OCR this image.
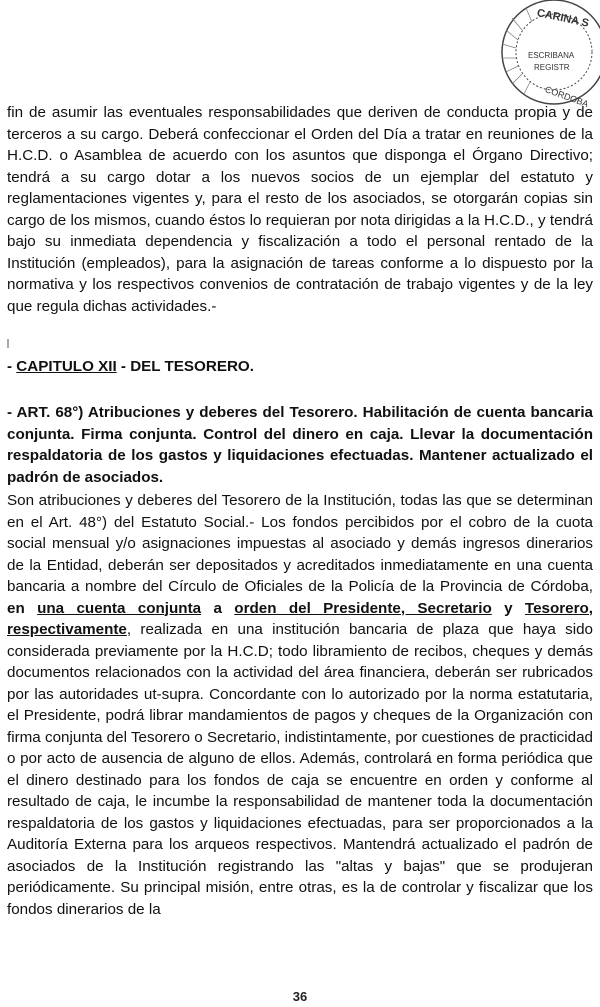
CARINA S
ESCRIBANA
REGISTR
CÓRDOBA

fin de asumir las eventuales responsabilidades que deriven de conducta propia y de terceros a su cargo. Deberá confeccionar el Orden del Día a tratar en reuniones de la H.C.D. o Asamblea de acuerdo con los asuntos que disponga el Órgano Directivo; tendrá a su cargo dotar a los nuevos socios de un ejemplar del estatuto y reglamentaciones vigentes y, para el resto de los asociados, se otorgarán copias sin cargo de los mismos, cuando éstos lo requieran por nota dirigidas a la H.C.D., y tendrá bajo su inmediata dependencia y fiscalización a todo el personal rentado de la Institución (empleados), para la asignación de tareas conforme a lo dispuesto por la normativa y los respectivos convenios de contratación de trabajo vigentes y de la ley que regula dichas actividades.-

- CAPITULO XII - DEL TESORERO.

- ART. 68°) Atribuciones y deberes del Tesorero. Habilitación de cuenta bancaria conjunta. Firma conjunta. Control del dinero en caja. Llevar la documentación respaldatoria de los gastos y liquidaciones efectuadas. Mantener actualizado el padrón de asociados.

Son atribuciones y deberes del Tesorero de la Institución, todas las que se determinan en el Art. 48°) del Estatuto Social.- Los fondos percibidos por el cobro de la cuota social mensual y/o asignaciones impuestas al asociado y demás ingresos dinerarios de la Entidad, deberán ser depositados y acreditados inmediatamente en una cuenta bancaria a nombre del Círculo de Oficiales de la Policía de la Provincia de Córdoba, en una cuenta conjunta a orden del Presidente, Secretario y Tesorero, respectivamente, realizada en una institución bancaria de plaza que haya sido considerada previamente por la H.C.D; todo libramiento de recibos, cheques y demás documentos relacionados con la actividad del área financiera, deberán ser rubricados por las autoridades ut-supra. Concordante con lo autorizado por la norma estatutaria, el Presidente, podrá librar mandamientos de pagos y cheques de la Organización con firma conjunta del Tesorero o Secretario, indistintamente, por cuestiones de practicidad o por acto de ausencia de alguno de ellos. Además, controlará en forma periódica que el dinero destinado para los fondos de caja se encuentre en orden y conforme al resultado de caja, le incumbe la responsabilidad de mantener toda la documentación respaldatoria de los gastos y liquidaciones efectuadas, para ser proporcionados a la Auditoría Externa para los arqueos respectivos. Mantendrá actualizado el padrón de asociados de la Institución registrando las "altas y bajas" que se produjeran periódicamente. Su principal misión, entre otras, es la de controlar y fiscalizar que los fondos dinerarios de la

36
